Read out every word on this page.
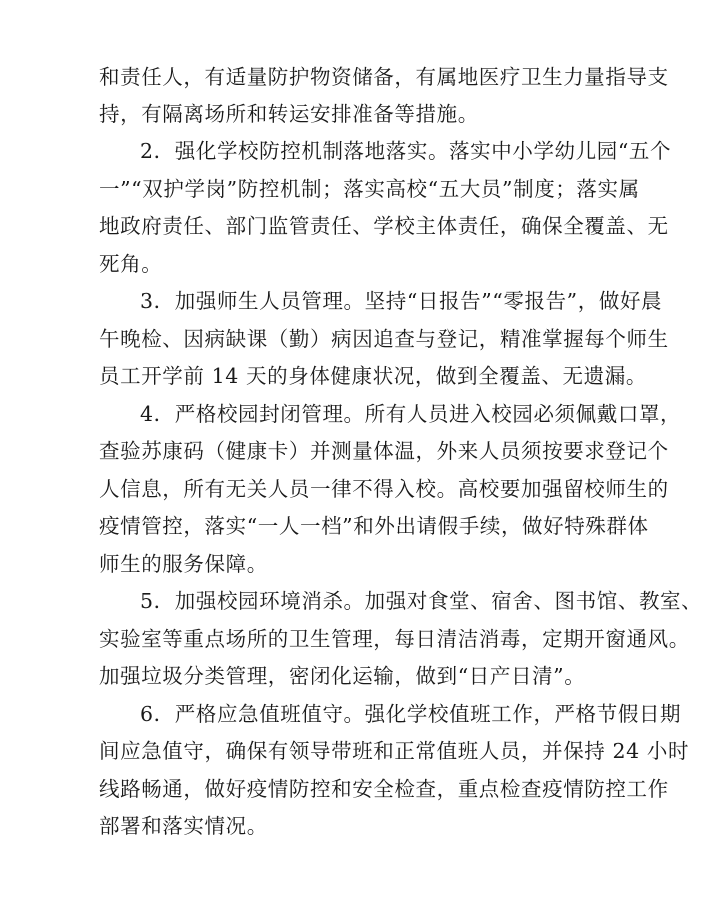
和责任人，有适量防护物资储备，有属地医疗卫生力量指导支
持，有隔离场所和转运安排准备等措施。
2．强化学校防控机制落地落实。落实中小学幼儿园“五个
一”“双护学岗”防控机制；落实高校“五大员”制度；落实属
地政府责任、部门监管责任、学校主体责任，确保全覆盖、无
死角。
3．加强师生人员管理。坚持“日报告”“零报告”，做好晨
午晚检、因病缺课（勤）病因追查与登记，精准掌握每个师生
员工开学前 14 天的身体健康状况，做到全覆盖、无遗漏。
4．严格校园封闭管理。所有人员进入校园必须佩戴口罩，
查验苏康码（健康卡）并测量体温，外来人员须按要求登记个
人信息，所有无关人员一律不得入校。高校要加强留校师生的
疫情管控，落实“一人一档”和外出请假手续，做好特殊群体
师生的服务保障。
5．加强校园环境消杀。加强对食堂、宿舍、图书馆、教室、
实验室等重点场所的卫生管理，每日清洁消毒，定期开窗通风。
加强垃圾分类管理，密闭化运输，做到“日产日清”。
6．严格应急值班值守。强化学校值班工作，严格节假日期
间应急值守，确保有领导带班和正常值班人员，并保持 24 小时
线路畅通，做好疫情防控和安全检查，重点检查疫情防控工作
部署和落实情况。
